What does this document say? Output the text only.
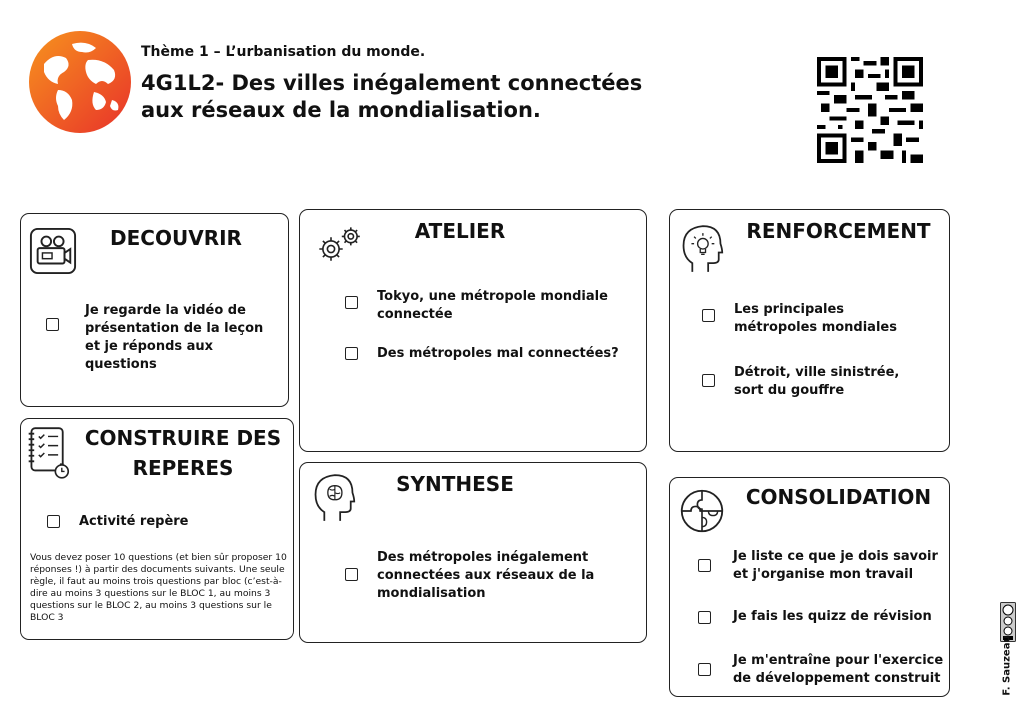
Thème 1 – L’urbanisation du monde.
4G1L2- Des villes inégalement connectées
aux réseaux de la mondialisation.
DECOUVRIR
Je regarde la vidéo de présentation de la leçon et je réponds aux questions
ATELIER
Tokyo, une métropole mondiale connectée
Des métropoles mal connectées?
RENFORCEMENT
Les principales métropoles mondiales
Détroit, ville sinistrée, sort du gouffre
CONSTRUIRE DES
REPERES
Activité repère
Vous devez poser 10 questions (et bien sûr proposer 10 réponses !) à partir des documents suivants. Une seule règle, il faut au moins trois questions par bloc (c’est-à-dire au moins 3 questions sur le BLOC 1, au moins 3 questions sur le BLOC 2, au moins 3 questions sur le BLOC 3
SYNTHESE
Des métropoles inégalement connectées aux réseaux de la mondialisation
CONSOLIDATION
Je liste ce que je dois savoir et j'organise mon travail
Je fais les quizz de révision
Je m'entraîne pour l'exercice de développement construit	F. Sauzeau
